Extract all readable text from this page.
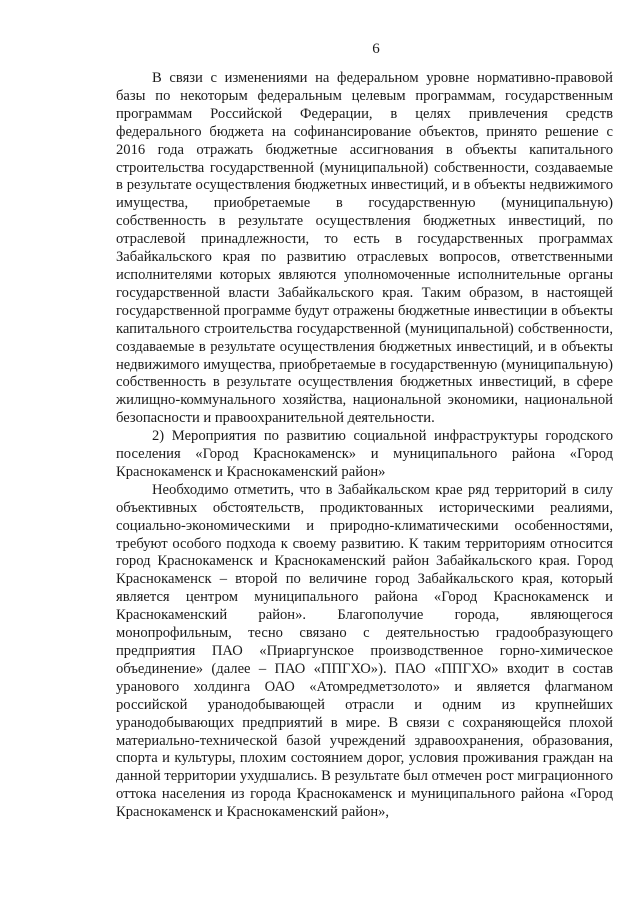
6

В связи с изменениями на федеральном уровне нормативно-правовой базы по некоторым федеральным целевым программам, государственным программам Российской Федерации, в целях привлечения средств федерального бюджета на софинансирование объектов, принято решение с 2016 года отражать бюджетные ассигнования в объекты капитального строительства государственной (муниципальной) собственности, создаваемые в результате осуществления бюджетных инвестиций, и в объекты недвижимого имущества, приобретаемые в государственную (муниципальную) собственность в результате осуществления бюджетных инвестиций, по отраслевой принадлежности, то есть в государственных программах Забайкальского края по развитию отраслевых вопросов, ответственными исполнителями которых являются уполномоченные исполнительные органы государственной власти Забайкальского края. Таким образом, в настоящей государственной программе будут отражены бюджетные инвестиции в объекты капитального строительства государственной (муниципальной) собственности, создаваемые в результате осуществления бюджетных инвестиций, и в объекты недвижимого имущества, приобретаемые в государственную (муниципальную) собственность в результате осуществления бюджетных инвестиций, в сфере жилищно-коммунального хозяйства, национальной экономики, национальной безопасности и правоохранительной деятельности.

2) Мероприятия по развитию социальной инфраструктуры городского поселения «Город Краснокаменск» и муниципального района «Город Краснокаменск и Краснокаменский район»

Необходимо отметить, что в Забайкальском крае ряд территорий в силу объективных обстоятельств, продиктованных историческими реалиями, социально-экономическими и природно-климатическими особенностями, требуют особого подхода к своему развитию. К таким территориям относится город Краснокаменск и Краснокаменский район Забайкальского края. Город Краснокаменск – второй по величине город Забайкальского края, который является центром муниципального района «Город Краснокаменск и Краснокаменский район». Благополучие города, являющегося монопрофильным, тесно связано с деятельностью градообразующего предприятия ПАО «Приаргунское производственное горно-химическое объединение» (далее – ПАО «ППГХО»). ПАО «ППГХО» входит в состав уранового холдинга ОАО «Атомредметзолото» и является флагманом российской уранодобывающей отрасли и одним из крупнейших уранодобывающих предприятий в мире. В связи с сохраняющейся плохой материально-технической базой учреждений здравоохранения, образования, спорта и культуры, плохим состоянием дорог, условия проживания граждан на данной территории ухудшались. В результате был отмечен рост миграционного оттока населения из города Краснокаменск и муниципального района «Город Краснокаменск и Краснокаменский район»,
